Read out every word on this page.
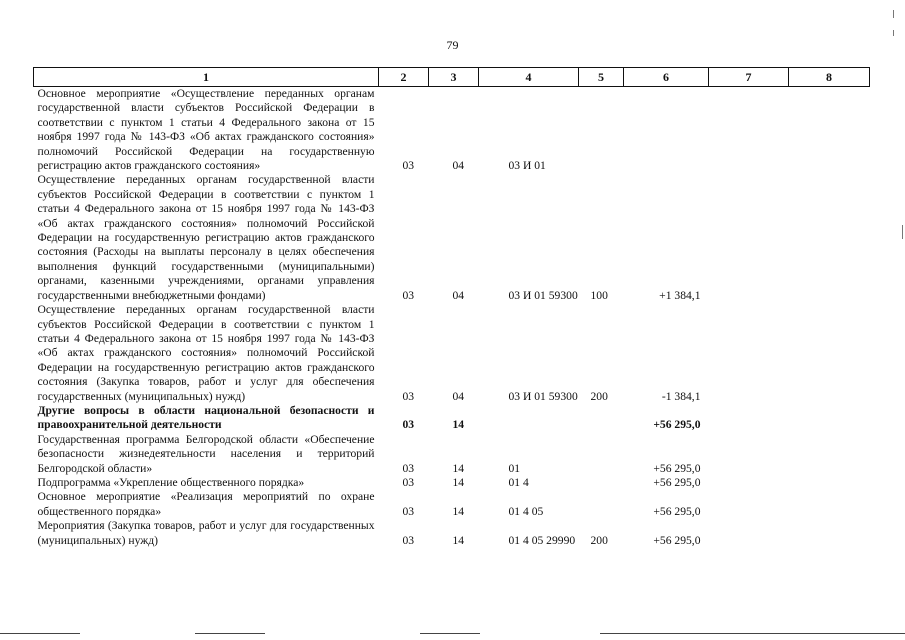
79
1	2	3	4	5	6	7	8
Основное мероприятие «Осуществление переданных органам государственной власти субъектов Российской Федерации в соответствии с пунктом 1 статьи 4 Федерального закона от 15 ноября 1997 года № 143-ФЗ «Об актах гражданского состояния» полномочий Российской Федерации на государственную регистрацию актов гражданского состояния»	03	04	03 И 01				
Осуществление переданных органам государственной власти субъектов Российской Федерации в соответствии с пунктом 1 статьи 4 Федерального закона от 15 ноября 1997 года № 143-ФЗ «Об актах гражданского состояния» полномочий Российской Федерации на государственную регистрацию актов гражданского состояния (Расходы на выплаты персоналу в целях обеспечения выполнения функций государственными (муниципальными) органами, казенными учреждениями, органами управления государственными внебюджетными фондами)	03	04	03 И 01 59300	100	+1 384,1		
Осуществление переданных органам государственной власти субъектов Российской Федерации в соответствии с пунктом 1 статьи 4 Федерального закона от 15 ноября 1997 года № 143-ФЗ «Об актах гражданского состояния» полномочий Российской Федерации на государственную регистрацию актов гражданского состояния (Закупка товаров, работ и услуг для обеспечения государственных (муниципальных) нужд)	03	04	03 И 01 59300	200	-1 384,1		
Другие вопросы в области национальной безопасности и правоохранительной деятельности	03	14			+56 295,0		
Государственная программа Белгородской области «Обеспечение безопасности жизнедеятельности населения и территорий Белгородской области»	03	14	01		+56 295,0		
Подпрограмма «Укрепление общественного порядка»	03	14	01 4		+56 295,0		
Основное мероприятие «Реализация мероприятий по охране общественного порядка»	03	14	01 4 05		+56 295,0		
Мероприятия (Закупка товаров, работ и услуг для государственных (муниципальных) нужд)	03	14	01 4 05 29990	200	+56 295,0		
